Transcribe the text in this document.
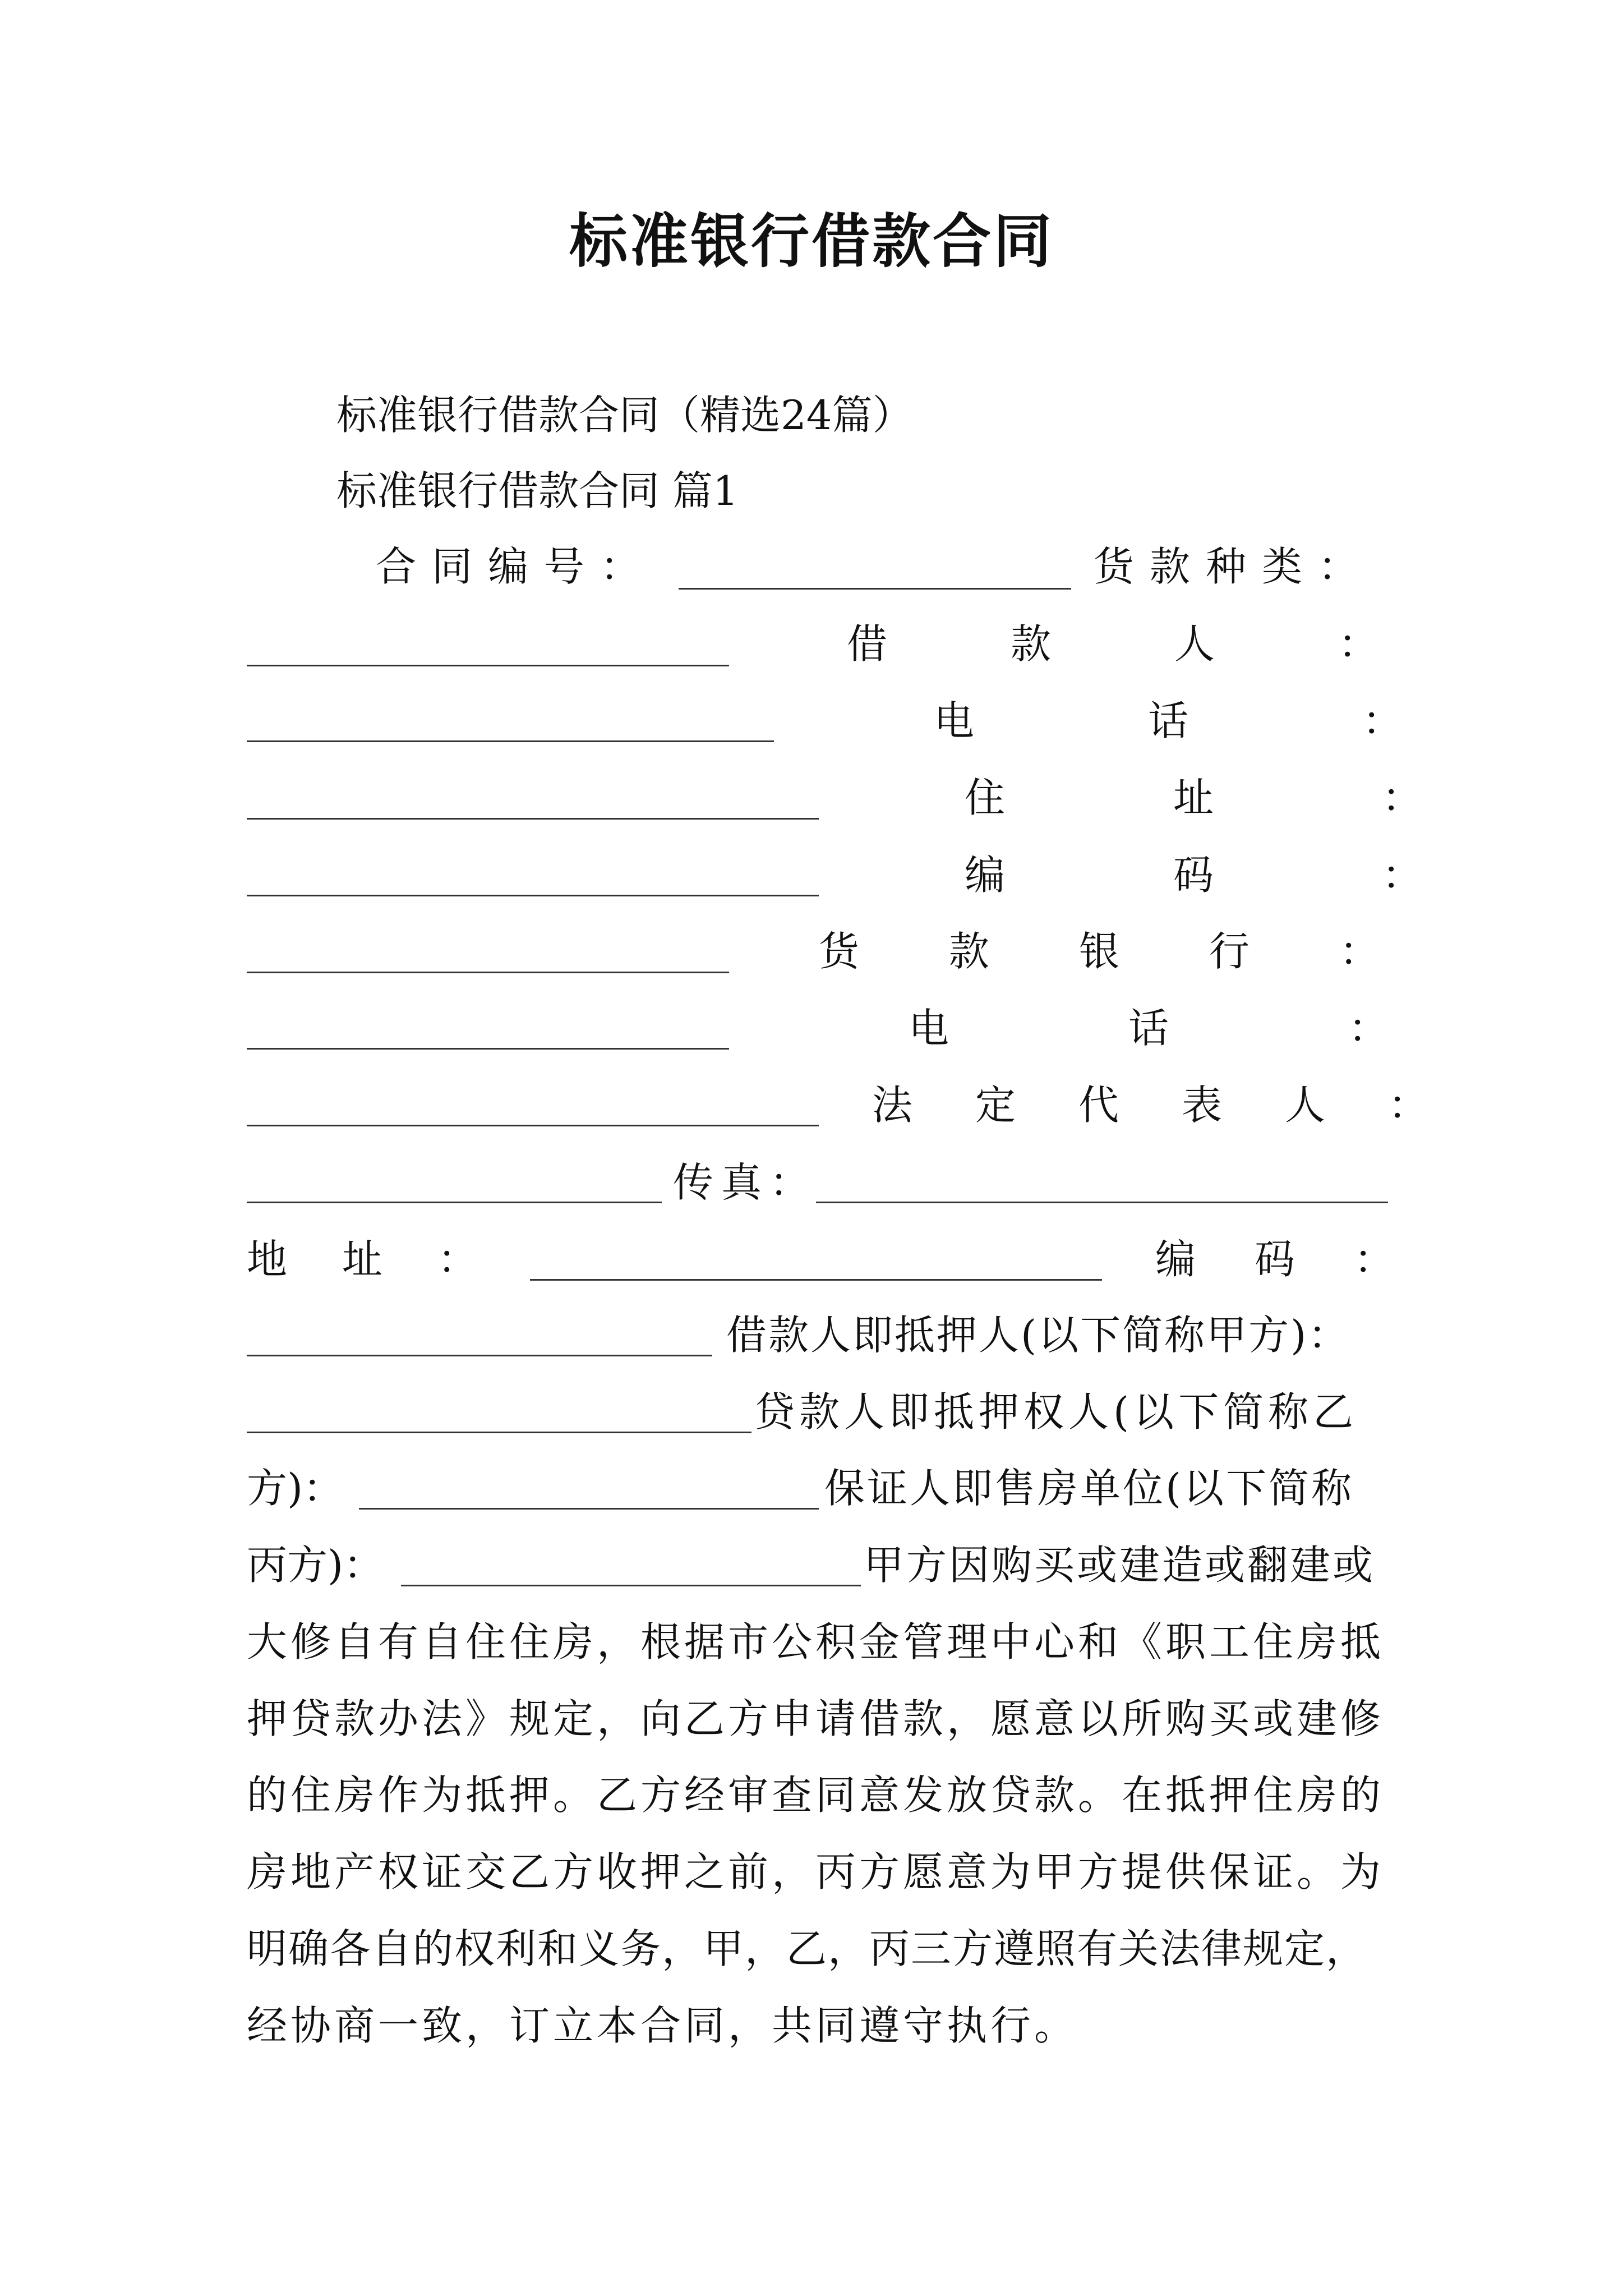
标准银行借款合同
标准银行借款合同（精选24篇）
标准银行借款合同 篇1
合同编号：	货款种类：
借款人：
电话：
住址：
编码：
货款银行：
电话：
法定代表人：
传真：
地址：	编码：
借款人即抵押人(以下简称甲方)：
贷款人即抵押权人(以下简称乙
方)：	保证人即售房单位(以下简称
丙方)：	甲方因购买或建造或翻建或
大修自有自住住房，根据市公积金管理中心和《职工住房抵
押贷款办法》规定，向乙方申请借款，愿意以所购买或建修
的住房作为抵押。乙方经审查同意发放贷款。在抵押住房的
房地产权证交乙方收押之前，丙方愿意为甲方提供保证。为
明确各自的权利和义务，甲，乙，丙三方遵照有关法律规定，
经协商一致，订立本合同，共同遵守执行。
